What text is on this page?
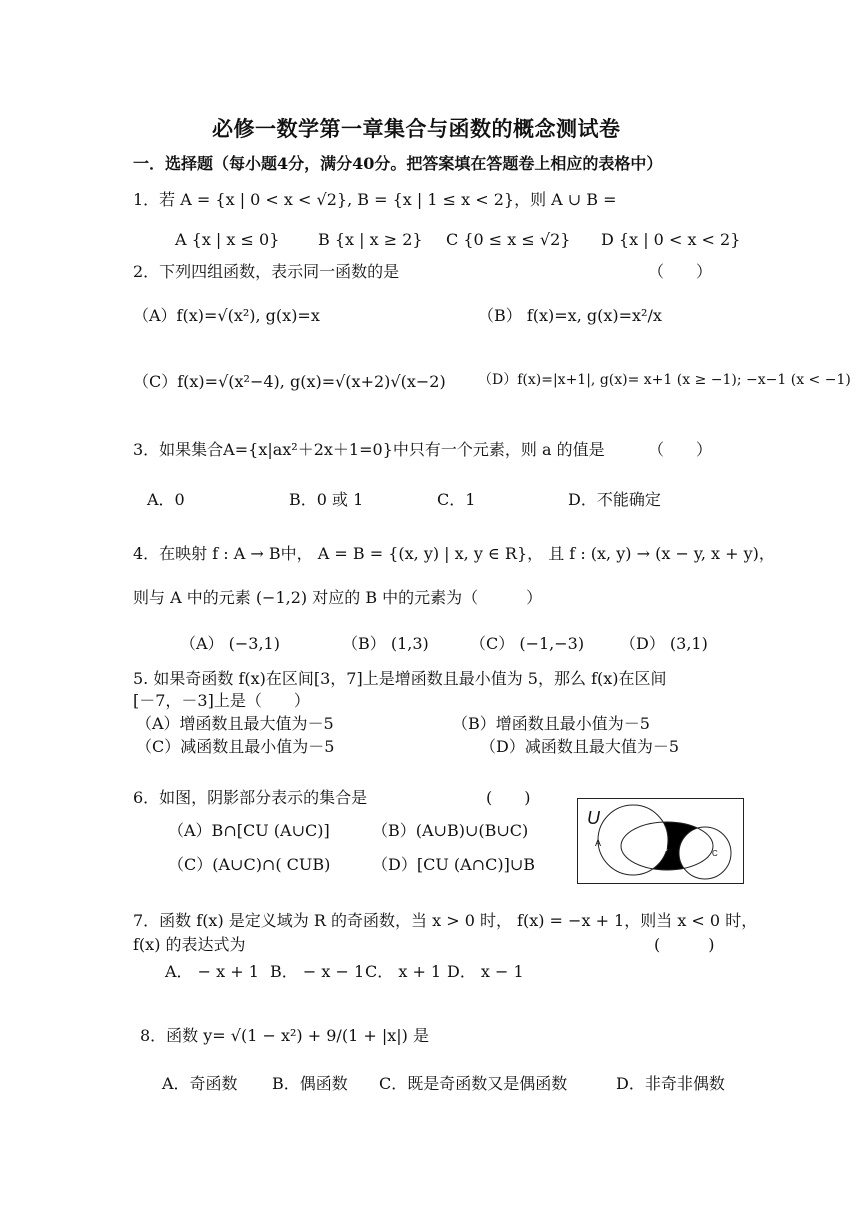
必修一数学第一章集合与函数的概念测试卷
一．选择题（每小题4分，满分40分。把答案填在答题卷上相应的表格中）
1．若 A = {x | 0 < x < √2}, B = {x | 1 ≤ x < 2}，则 A ∪ B =
A {x | x ≤ 0} B {x | x ≥ 2} C {0 ≤ x ≤ √2} D {x | 0 < x < 2}
2．下列四组函数，表示同一函数的是	（　　）
（A）f(x)=√(x²), g(x)=x	（B） f(x)=x, g(x)=x²/x
（C）f(x)=√(x²−4), g(x)=√(x+2)√(x−2) （D）f(x)=|x+1|, g(x)= x+1 (x ≥ −1); −x−1 (x < −1)
3．如果集合A={x|ax²＋2x＋1=0}中只有一个元素，则 a 的值是	（　　）
A．0	B．0 或 1	C．1	D．不能确定
4．在映射 f : A → B中， A = B = {(x, y) | x, y ∈ R}， 且 f : (x, y) → (x − y, x + y)，
则与 A 中的元素 (−1,2) 对应的 B 中的元素为（　　　）
（A） (−3,1)	（B） (1,3)	（C） (−1,−3) （D） (3,1)
5. 如果奇函数 f(x)在区间[3，7]上是增函数且最小值为 5，那么 f(x)在区间
[－7，－3]上是（　　）
（A）增函数且最大值为－5	（B）增函数且最小值为－5
（C）减函数且最小值为－5	（D）减函数且最大值为－5
6．如图，阴影部分表示的集合是	(　　)
（A）B∩[CU (A∪C)]	（B）(A∪B)∪(B∪C)
（C）(A∪C)∩( CUB)	（D）[CU (A∩C)]∪B
U
A
B	C
7．函数 f(x) 是定义域为 R 的奇函数，当 x > 0 时， f(x) = −x + 1，则当 x < 0 时，
f(x) 的表达式为	(　　　)
A． − x + 1 B． − x − 1 C． x + 1 D． x − 1
8．函数 y= √(1 − x²) + 9/(1 + |x|) 是
A．奇函数 B．偶函数 C．既是奇函数又是偶函数	D．非奇非偶数
